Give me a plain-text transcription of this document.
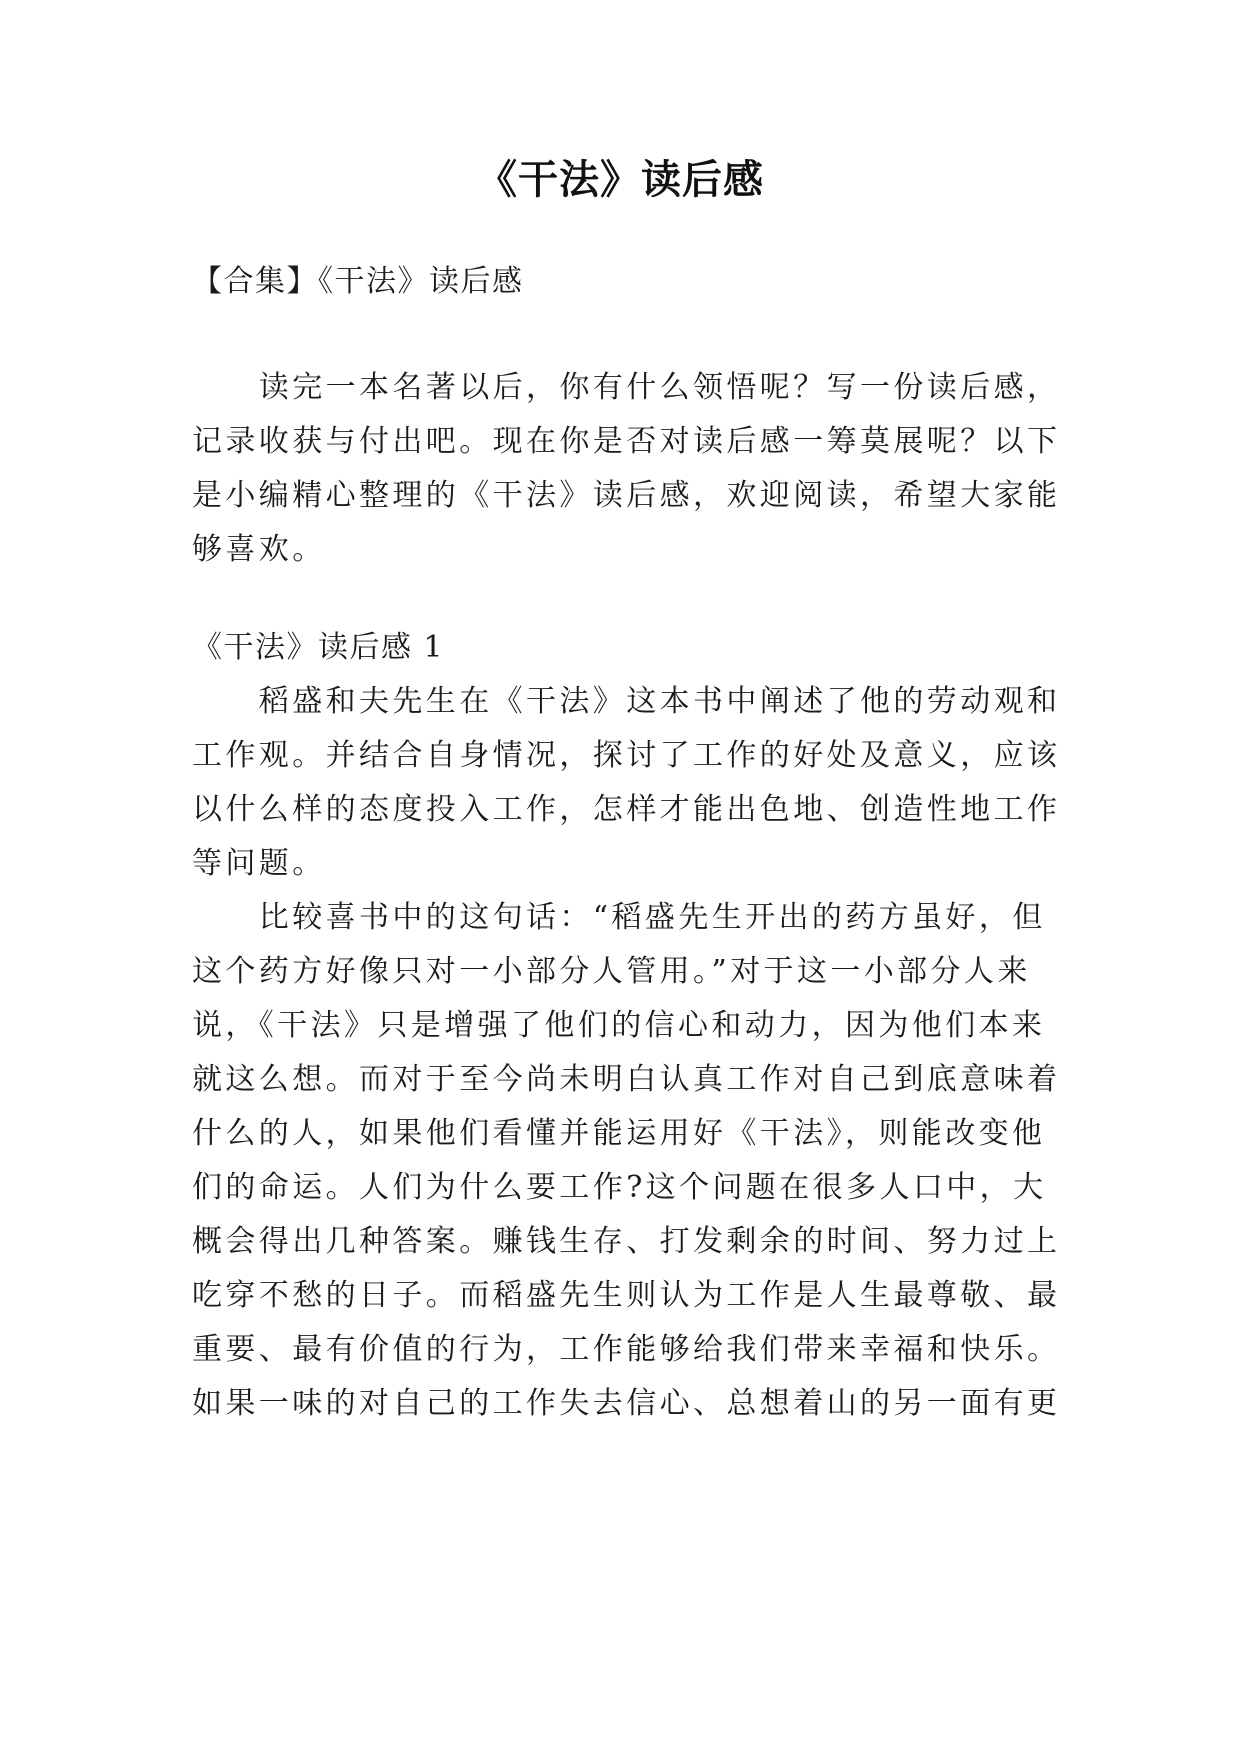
《干法》读后感

【合集】《干法》读后感

　　读完一本名著以后，你有什么领悟呢？写一份读后感，

记录收获与付出吧。现在你是否对读后感一筹莫展呢？以下

是小编精心整理的《干法》读后感，欢迎阅读，希望大家能

够喜欢。

《干法》读后感 1

　　稻盛和夫先生在《干法》这本书中阐述了他的劳动观和

工作观。并结合自身情况，探讨了工作的好处及意义，应该

以什么样的态度投入工作，怎样才能出色地、创造性地工作

等问题。

　　比较喜书中的这句话：“稻盛先生开出的药方虽好，但

这个药方好像只对一小部分人管用。”对于这一小部分人来

说，《干法》只是增强了他们的信心和动力，因为他们本来

就这么想。而对于至今尚未明白认真工作对自己到底意味着

什么的人，如果他们看懂并能运用好《干法》，则能改变他

们的命运。人们为什么要工作?这个问题在很多人口中，大

概会得出几种答案。赚钱生存、打发剩余的时间、努力过上

吃穿不愁的日子。而稻盛先生则认为工作是人生最尊敬、最

重要、最有价值的行为，工作能够给我们带来幸福和快乐。

如果一味的对自己的工作失去信心、总想着山的另一面有更
